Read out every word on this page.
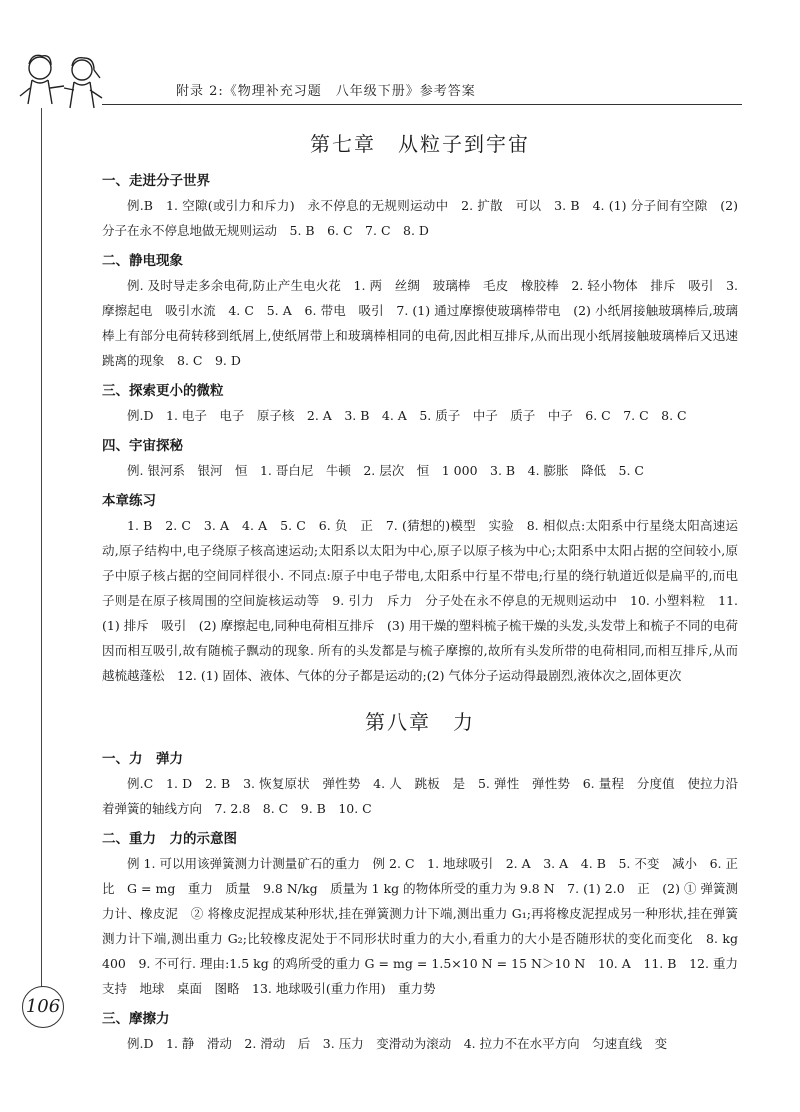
附录 2:《物理补充习题　八年级下册》参考答案
第七章　从粒子到宇宙
一、走进分子世界

例.B　1. 空隙(或引力和斥力)　永不停息的无规则运动中　2. 扩散　可以　3. B　4. (1) 分子间有空隙　(2) 分子在永不停息地做无规则运动　5. B　6. C　7. C　8. D

二、静电现象

例. 及时导走多余电荷,防止产生电火花　1. 两　丝绸　玻璃棒　毛皮　橡胶棒　2. 轻小物体　排斥　吸引　3. 摩擦起电　吸引水流　4. C　5. A　6. 带电　吸引　7. (1) 通过摩擦使玻璃棒带电　(2) 小纸屑接触玻璃棒后,玻璃棒上有部分电荷转移到纸屑上,使纸屑带上和玻璃棒相同的电荷,因此相互排斥,从而出现小纸屑接触玻璃棒后又迅速跳离的现象　8. C　9. D

三、探索更小的微粒

例.D　1. 电子　电子　原子核　2. A　3. B　4. A　5. 质子　中子　质子　中子　6. C　7. C　8. C

四、宇宙探秘

例. 银河系　银河　恒　1. 哥白尼　牛顿　2. 层次　恒　1 000　3. B　4. 膨胀　降低　5. C

本章练习

1. B　2. C　3. A　4. A　5. C　6. 负　正　7. (猜想的)模型　实验　8. 相似点:太阳系中行星绕太阳高速运动,原子结构中,电子绕原子核高速运动;太阳系以太阳为中心,原子以原子核为中心;太阳系中太阳占据的空间较小,原子中原子核占据的空间同样很小. 不同点:原子中电子带电,太阳系中行星不带电;行星的绕行轨道近似是扁平的,而电子则是在原子核周围的空间旋核运动等　9. 引力　斥力　分子处在永不停息的无规则运动中　10. 小塑料粒　11. (1) 排斥　吸引　(2) 摩擦起电,同种电荷相互排斥　(3) 用干燥的塑料梳子梳干燥的头发,头发带上和梳子不同的电荷因而相互吸引,故有随梳子飘动的现象. 所有的头发都是与梳子摩擦的,故所有头发所带的电荷相同,而相互排斥,从而越梳越蓬松　12. (1) 固体、液体、气体的分子都是运动的;(2) 气体分子运动得最剧烈,液体次之,固体更次

第八章　力
一、力　弹力

例.C　1. D　2. B　3. 恢复原状　弹性势　4. 人　跳板　是　5. 弹性　弹性势　6. 量程　分度值　使拉力沿着弹簧的轴线方向　7. 2.8　8. C　9. B　10. C

二、重力　力的示意图

例 1. 可以用该弹簧测力计测量矿石的重力　例 2. C　1. 地球吸引　2. A　3. A　4. B　5. 不变　减小　6. 正比　G = mg　重力　质量　9.8 N/kg　质量为 1 kg 的物体所受的重力为 9.8 N　7. (1) 2.0　正　(2) ① 弹簧测力计、橡皮泥　② 将橡皮泥捏成某种形状,挂在弹簧测力计下端,测出重力 G₁;再将橡皮泥捏成另一种形状,挂在弹簧测力计下端,测出重力 G₂;比较橡皮泥处于不同形状时重力的大小,看重力的大小是否随形状的变化而变化　8. kg　400　9. 不可行. 理由:1.5 kg 的鸡所受的重力 G = mg = 1.5×10 N = 15 N＞10 N　10. A　11. B　12. 重力　支持　地球　桌面　图略　13. 地球吸引(重力作用)　重力势

三、摩擦力

例.D　1. 静　滑动　2. 滑动　后　3. 压力　变滑动为滚动　4. 拉力不在水平方向　匀速直线　变

106
